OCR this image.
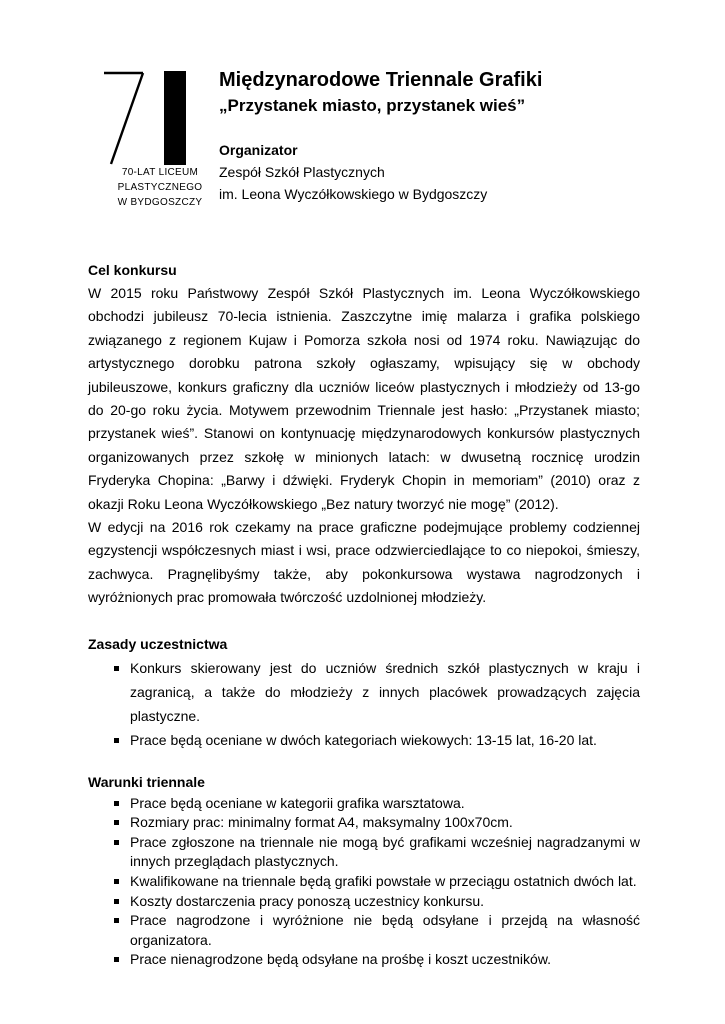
70-LAT LICEUM
PLASTYCZNEGO
W BYDGOSZCZY
Międzynarodowe Triennale Grafiki
„Przystanek miasto, przystanek wieś”
Organizator
Zespół Szkół Plastycznych
im. Leona Wyczółkowskiego w Bydgoszczy
Cel konkursu

W 2015 roku Państwowy Zespół Szkół Plastycznych im. Leona Wyczółkowskiego obchodzi jubileusz 70-lecia istnienia. Zaszczytne imię malarza i grafika polskiego związanego z regionem Kujaw i Pomorza szkoła nosi od 1974 roku. Nawiązując do artystycznego dorobku patrona szkoły ogłaszamy, wpisujący się w obchody jubileuszowe, konkurs graficzny dla uczniów liceów plastycznych i młodzieży od 13-go do 20-go roku życia. Motywem przewodnim Triennale jest hasło: „Przystanek miasto; przystanek wieś”. Stanowi on kontynuację międzynarodowych konkursów plastycznych organizowanych przez szkołę w minionych latach: w dwusetną rocznicę urodzin Fryderyka Chopina: „Barwy i dźwięki. Fryderyk Chopin in memoriam” (2010) oraz z okazji Roku Leona Wyczółkowskiego „Bez natury tworzyć nie mogę” (2012).

W edycji na 2016 rok czekamy na prace graficzne podejmujące problemy codziennej egzystencji współczesnych miast i wsi, prace odzwierciedlające to co niepokoi, śmieszy, zachwyca. Pragnęlibyśmy także, aby pokonkursowa wystawa nagrodzonych i wyróżnionych prac promowała twórczość uzdolnionej młodzieży.

Zasady uczestnictwa
Konkurs skierowany jest do uczniów średnich szkół plastycznych w kraju i zagranicą, a także do młodzieży z innych placówek prowadzących zajęcia plastyczne.
Prace będą oceniane w dwóch kategoriach wiekowych: 13-15 lat, 16-20 lat.
Warunki triennale
Prace będą oceniane w kategorii grafika warsztatowa.
Rozmiary prac: minimalny format A4, maksymalny 100x70cm.
Prace zgłoszone na triennale nie mogą być grafikami wcześniej nagradzanymi w innych przeglądach plastycznych.
Kwalifikowane na triennale będą grafiki powstałe w przeciągu ostatnich dwóch lat.
Koszty dostarczenia pracy ponoszą uczestnicy konkursu.
Prace nagrodzone i wyróżnione nie będą odsyłane i przejdą na własność organizatora.
Prace nienagrodzone będą odsyłane na prośbę i koszt uczestników.
